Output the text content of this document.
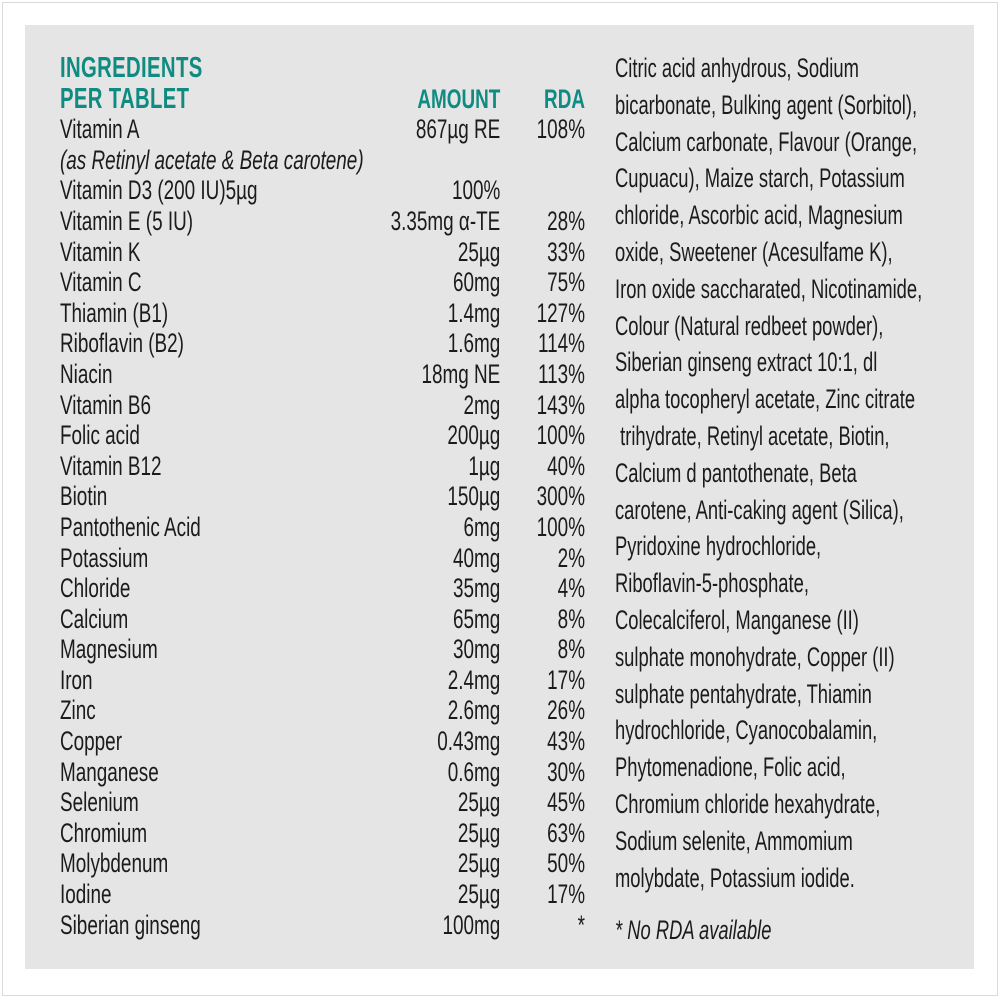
INGREDIENTS
PER TABLET	AMOUNT	RDA
Vitamin A	867µg RE	108%
(as Retinyl acetate & Beta carotene)
Vitamin D3 (200 IU)5µg	100%
Vitamin E (5 IU)	3.35mg α-TE	28%
Vitamin K	25µg	33%
Vitamin C	60mg	75%
Thiamin (B1)	1.4mg	127%
Riboflavin (B2)	1.6mg	114%
Niacin	18mg NE	113%
Vitamin B6	2mg	143%
Folic acid	200µg	100%
Vitamin B12	1µg	40%
Biotin	150µg	300%
Pantothenic Acid	6mg	100%
Potassium	40mg	2%
Chloride	35mg	4%
Calcium	65mg	8%
Magnesium	30mg	8%
Iron	2.4mg	17%
Zinc	2.6mg	26%
Copper	0.43mg	43%
Manganese	0.6mg	30%
Selenium	25µg	45%
Chromium	25µg	63%
Molybdenum	25µg	50%
Iodine	25µg	17%
Siberian ginseng	100mg	*
Citric acid anhydrous, Sodium
bicarbonate, Bulking agent (Sorbitol),
Calcium carbonate, Flavour (Orange,
Cupuacu), Maize starch, Potassium
chloride, Ascorbic acid, Magnesium
oxide, Sweetener (Acesulfame K),
Iron oxide saccharated, Nicotinamide,
Colour (Natural redbeet powder),
Siberian ginseng extract 10:1, dl
alpha tocopheryl acetate, Zinc citrate
trihydrate, Retinyl acetate, Biotin,
Calcium d pantothenate, Beta
carotene, Anti-caking agent (Silica),
Pyridoxine hydrochloride,
Riboflavin-5-phosphate,
Colecalciferol, Manganese (II)
sulphate monohydrate, Copper (II)
sulphate pentahydrate, Thiamin
hydrochloride, Cyanocobalamin,
Phytomenadione, Folic acid,
Chromium chloride hexahydrate,
Sodium selenite, Ammomium
molybdate, Potassium iodide.
* No RDA available
